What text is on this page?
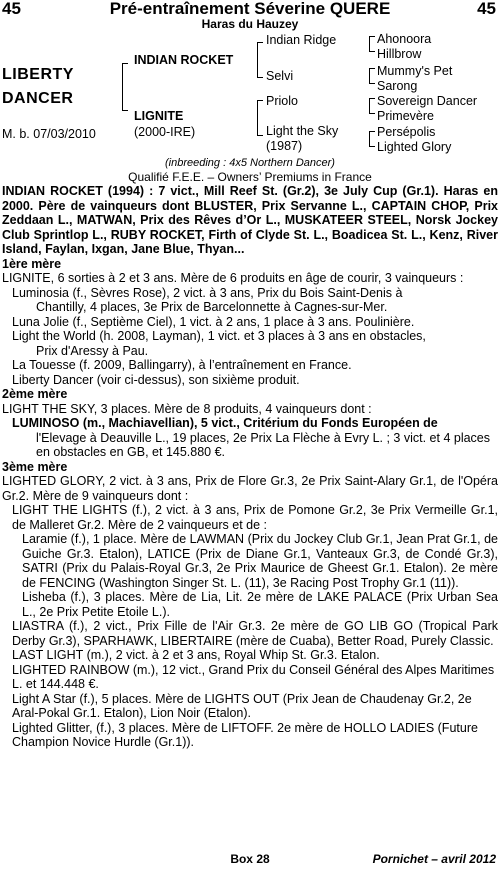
45	Pré-entraînement Séverine QUERE	45
Haras du Hauzey
LIBERTY
DANCER
M. b. 07/03/2010
INDIAN ROCKET
LIGNITE
(2000-IRE)
Indian Ridge
Selvi
Priolo
Light the Sky
(1987)
Ahonoora
Hillbrow
Mummy's Pet
Sarong
Sovereign Dancer
Primevère
Persépolis
Lighted Glory
(inbreeding : 4x5 Northern Dancer)
Qualifié F.E.E. – Owners’ Premiums in France

INDIAN ROCKET (1994) : 7 vict., Mill Reef St. (Gr.2), 3e July Cup (Gr.1). Haras en 2000. Père de vainqueurs dont BLUSTER, Prix Servanne L., CAPTAIN CHOP, Prix Zeddaan L., MATWAN, Prix des Rêves d’Or L., MUSKATEER STEEL, Norsk Jockey Club Sprintlop L., RUBY ROCKET, Firth of Clyde St. L., Boadicea St. L., Kenz, River Island, Faylan, Ixgan, Jane Blue, Thyan...

1ère mère

LIGNITE, 6 sorties à 2 et 3 ans. Mère de 6 produits en âge de courir, 3 vainqueurs :

Luminosia (f., Sèvres Rose), 2 vict. à 3 ans, Prix du Bois Saint-Denis à
Chantilly, 4 places, 3e Prix de Barcelonnette à Cagnes-sur-Mer.

Luna Jolie (f., Septième Ciel), 1 vict. à 2 ans, 1 place à 3 ans. Poulinière.

Light the World (h. 2008, Layman), 1 vict. et 3 places à 3 ans en obstacles,
Prix d'Aressy à Pau.

La Touesse (f. 2009, Ballingarry), à l’entraînement en France.

Liberty Dancer (voir ci-dessus), son sixième produit.

2ème mère

LIGHT THE SKY, 3 places. Mère de 8 produits, 4 vainqueurs dont :

LUMINOSO (m., Machiavellian), 5 vict., Critérium du Fonds Européen de
l'Elevage à Deauville L., 19 places, 2e Prix La Flèche à Evry L. ; 3 vict. et 4 places en obstacles en GB, et 145.880 €.

3ème mère

LIGHTED GLORY, 2 vict. à 3 ans, Prix de Flore Gr.3, 2e Prix Saint-Alary Gr.1, de l'Opéra Gr.2. Mère de 9 vainqueurs dont :

LIGHT THE LIGHTS (f.), 2 vict. à 3 ans, Prix de Pomone Gr.2, 3e Prix Vermeille Gr.1, de Malleret Gr.2. Mère de 2 vainqueurs et de :

Laramie (f.), 1 place. Mère de LAWMAN (Prix du Jockey Club Gr.1, Jean Prat Gr.1, de Guiche Gr.3. Etalon), LATICE (Prix de Diane Gr.1, Vanteaux Gr.3, de Condé Gr.3), SATRI (Prix du Palais-Royal Gr.3, 2e Prix Maurice de Gheest Gr.1. Etalon). 2e mère de FENCING (Washington Singer St. L. (11), 3e Racing Post Trophy Gr.1 (11)).

Lisheba (f.), 3 places. Mère de Lia, Lit. 2e mère de LAKE PALACE (Prix Urban Sea L., 2e Prix Petite Etoile L.).

LIASTRA (f.), 2 vict., Prix Fille de l'Air Gr.3. 2e mère de GO LIB GO (Tropical Park Derby Gr.3), SPARHAWK, LIBERTAIRE (mère de Cuaba), Better Road, Purely Classic.

LAST LIGHT (m.), 2 vict. à 2 et 3 ans, Royal Whip St. Gr.3. Etalon.

LIGHTED RAINBOW (m.), 12 vict., Grand Prix du Conseil Général des Alpes Maritimes L. et 144.448 €.

Light A Star (f.), 5 places. Mère de LIGHTS OUT (Prix Jean de Chaudenay Gr.2, 2e Aral-Pokal Gr.1. Etalon), Lion Noir (Etalon).

Lighted Glitter, (f.), 3 places. Mère de LIFTOFF. 2e mère de HOLLO LADIES (Future Champion Novice Hurdle (Gr.1)).

Box 28	Pornichet – avril 2012
